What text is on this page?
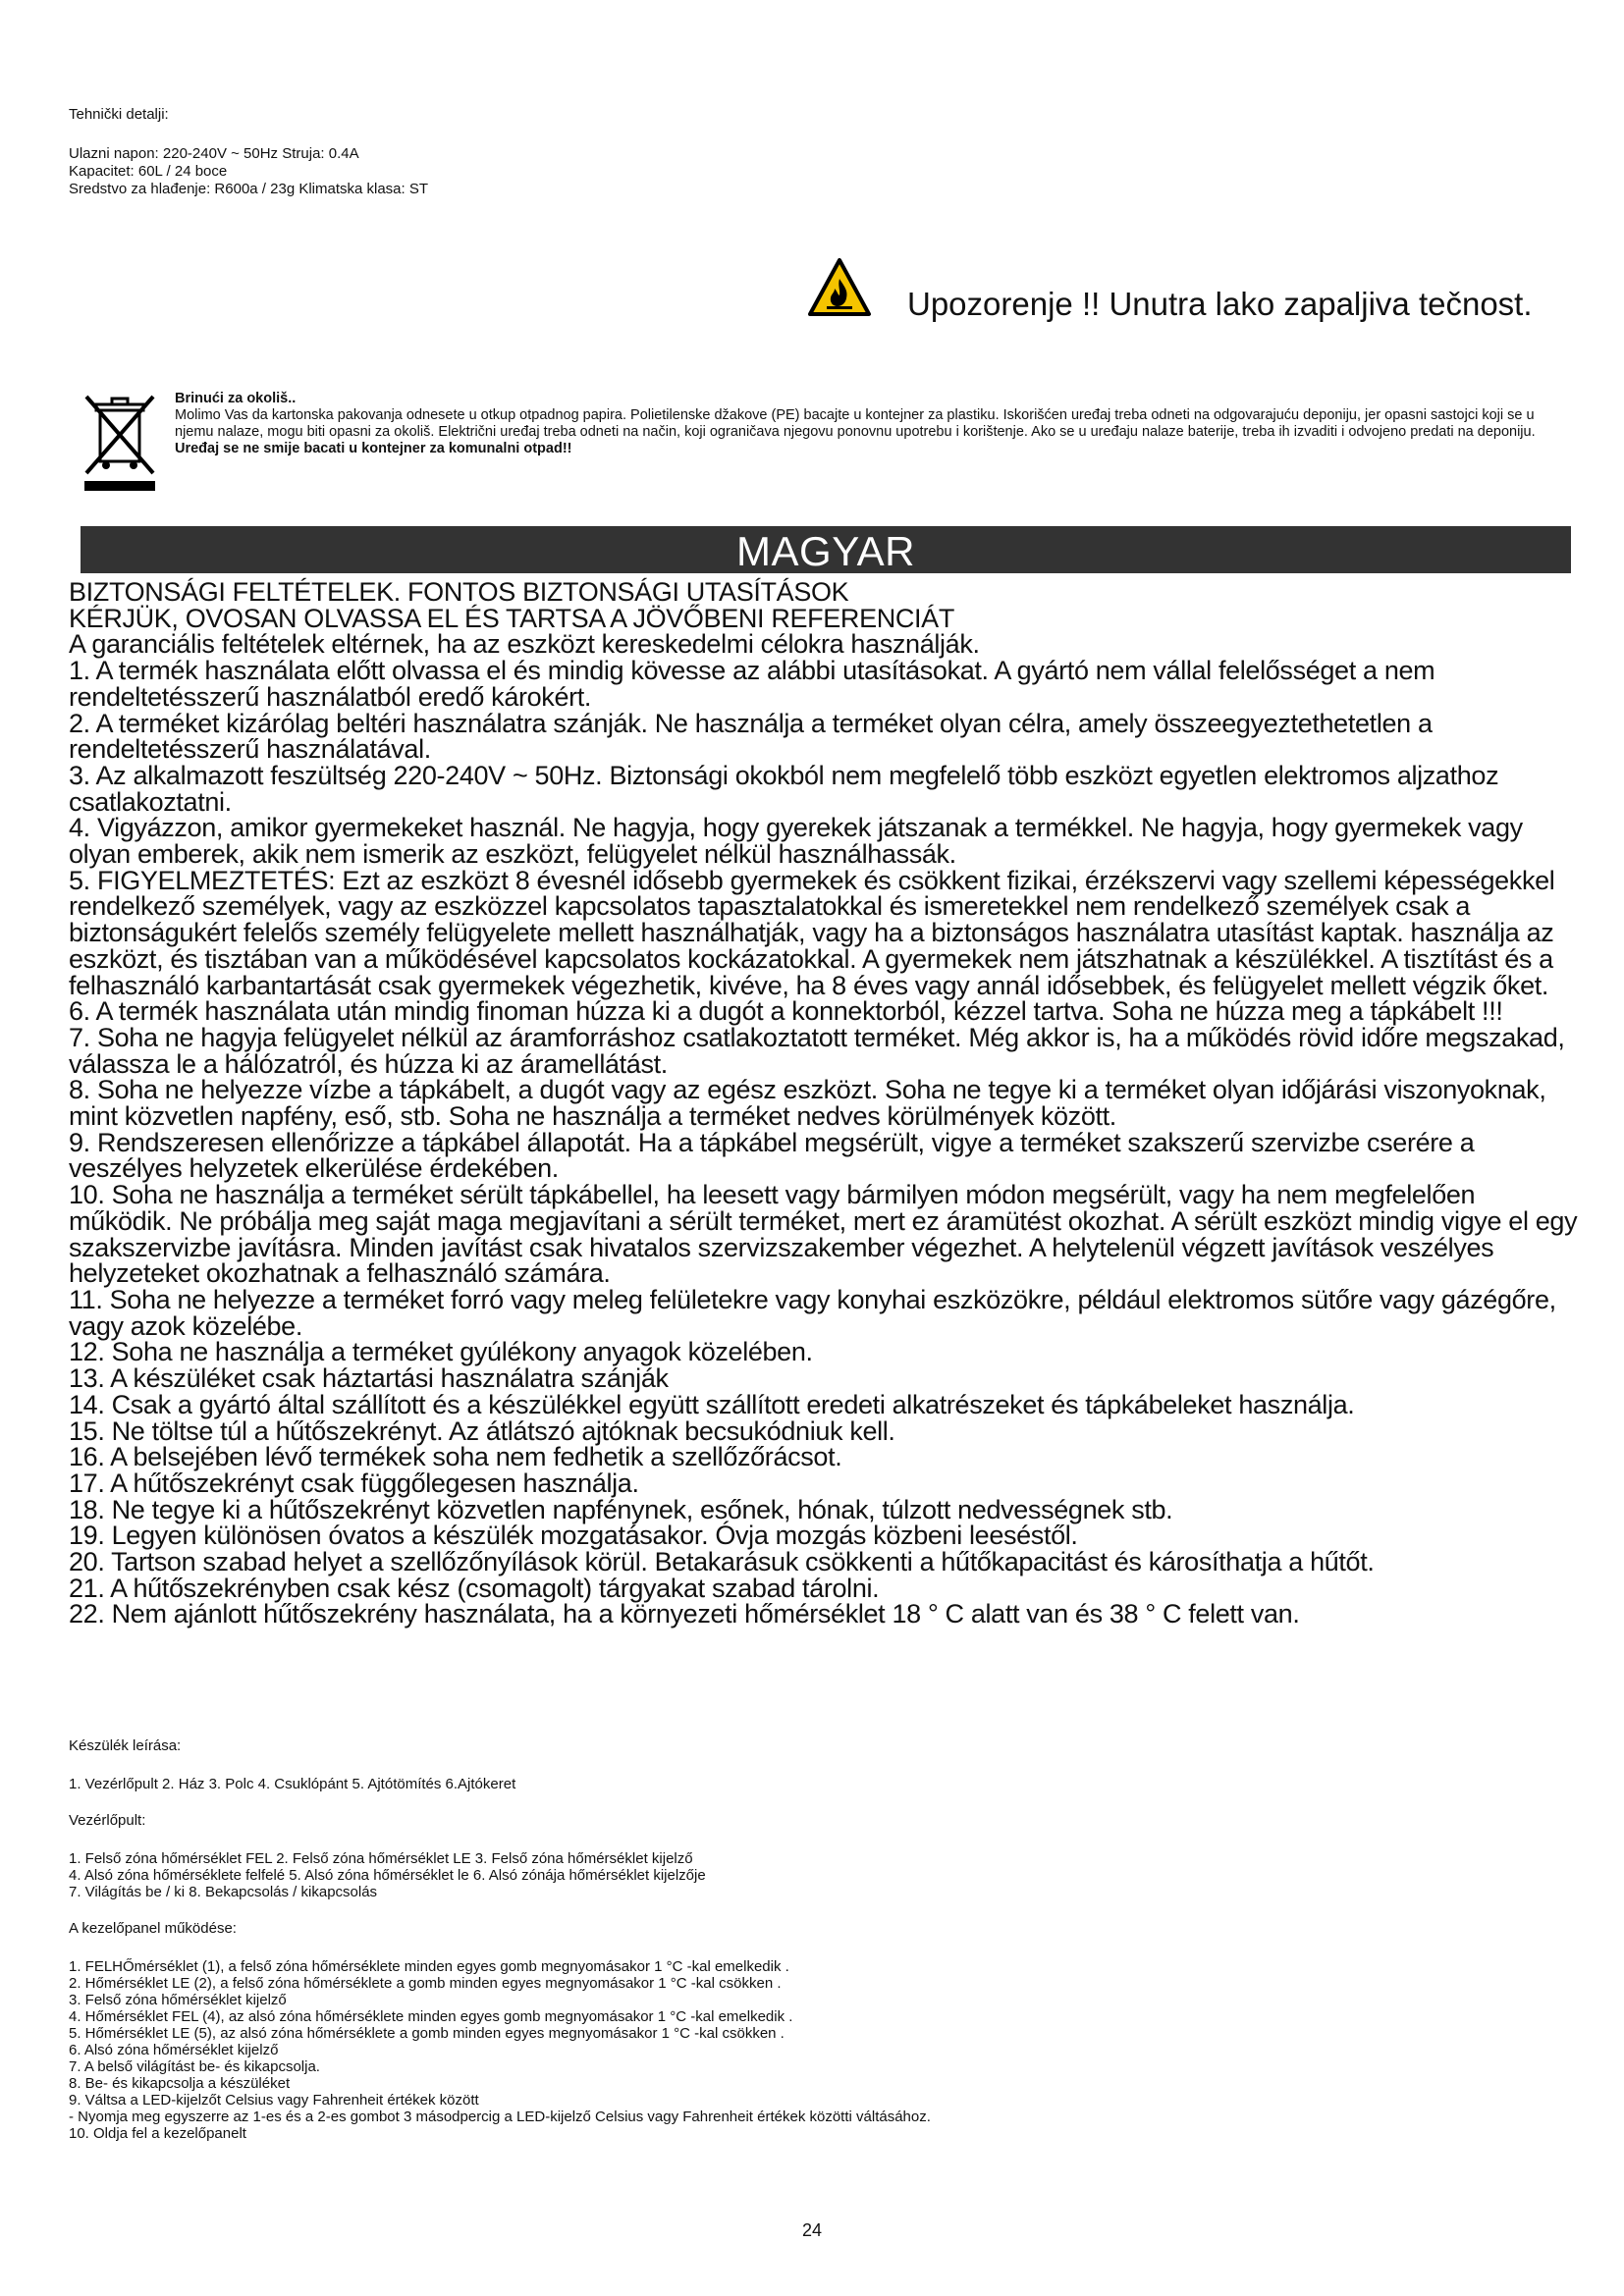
Tehnički detalji:

Ulazni napon: 220-240V ~ 50Hz Struja: 0.4A

Kapacitet: 60L / 24 boce

Sredstvo za hlađenje: R600a / 23g Klimatska klasa: ST

Upozorenje !! Unutra lako zapaljiva tečnost.
Brinući za okoliš..
Molimo Vas da kartonska pakovanja odnesete u otkup otpadnog papira. Polietilenske džakove (PE) bacajte u kontejner za plastiku. Iskorišćen uređaj treba odneti na odgovarajuću deponiju, jer opasni sastojci koji se u njemu nalaze, mogu biti opasni za okoliš. Električni uređaj treba odneti na način, koji ograničava njegovu ponovnu upotrebu i korištenje. Ako se u uređaju nalaze baterije, treba ih izvaditi i odvojeno predati na deponiju.
Uređaj se ne smije bacati u kontejner za komunalni otpad!!
MAGYAR

BIZTONSÁGI FELTÉTELEK. FONTOS BIZTONSÁGI UTASÍTÁSOK

KÉRJÜK, OVOSAN OLVASSA EL ÉS TARTSA A JÖVŐBENI REFERENCIÁT

A garanciális feltételek eltérnek, ha az eszközt kereskedelmi célokra használják.

1. A termék használata előtt olvassa el és mindig kövesse az alábbi utasításokat. A gyártó nem vállal felelősséget a nem rendeltetésszerű használatból eredő károkért.

2. A terméket kizárólag beltéri használatra szánják. Ne használja a terméket olyan célra, amely összeegyeztethetetlen a rendeltetésszerű használatával.

3. Az alkalmazott feszültség 220-240V ~ 50Hz. Biztonsági okokból nem megfelelő több eszközt egyetlen elektromos aljzathoz csatlakoztatni.

4. Vigyázzon, amikor gyermekeket használ. Ne hagyja, hogy gyerekek játszanak a termékkel. Ne hagyja, hogy gyermekek vagy olyan emberek, akik nem ismerik az eszközt, felügyelet nélkül használhassák.

5. FIGYELMEZTETÉS: Ezt az eszközt 8 évesnél idősebb gyermekek és csökkent fizikai, érzékszervi vagy szellemi képességekkel rendelkező személyek, vagy az eszközzel kapcsolatos tapasztalatokkal és ismeretekkel nem rendelkező személyek csak a biztonságukért felelős személy felügyelete mellett használhatják, vagy ha a biztonságos használatra utasítást kaptak. használja az eszközt, és tisztában van a működésével kapcsolatos kockázatokkal. A gyermekek nem játszhatnak a készülékkel. A tisztítást és a felhasználó karbantartását csak gyermekek végezhetik, kivéve, ha 8 éves vagy annál idősebbek, és felügyelet mellett végzik őket.

6. A termék használata után mindig finoman húzza ki a dugót a konnektorból, kézzel tartva. Soha ne húzza meg a tápkábelt !!!

7. Soha ne hagyja felügyelet nélkül az áramforráshoz csatlakoztatott terméket. Még akkor is, ha a működés rövid időre megszakad, válassza le a hálózatról, és húzza ki az áramellátást.

8. Soha ne helyezze vízbe a tápkábelt, a dugót vagy az egész eszközt. Soha ne tegye ki a terméket olyan időjárási viszonyoknak, mint közvetlen napfény, eső, stb. Soha ne használja a terméket nedves körülmények között.

9. Rendszeresen ellenőrizze a tápkábel állapotát. Ha a tápkábel megsérült, vigye a terméket szakszerű szervizbe cserére a veszélyes helyzetek elkerülése érdekében.

10. Soha ne használja a terméket sérült tápkábellel, ha leesett vagy bármilyen módon megsérült, vagy ha nem megfelelően működik. Ne próbálja meg saját maga megjavítani a sérült terméket, mert ez áramütést okozhat. A sérült eszközt mindig vigye el egy szakszervizbe javításra. Minden javítást csak hivatalos szervizszakember végezhet. A helytelenül végzett javítások veszélyes helyzeteket okozhatnak a felhasználó számára.

11. Soha ne helyezze a terméket forró vagy meleg felületekre vagy konyhai eszközökre, például elektromos sütőre vagy gázégőre, vagy azok közelébe.

12. Soha ne használja a terméket gyúlékony anyagok közelében.

13. A készüléket csak háztartási használatra szánják

14. Csak a gyártó által szállított és a készülékkel együtt szállított eredeti alkatrészeket és tápkábeleket használja.

15. Ne töltse túl a hűtőszekrényt. Az átlátszó ajtóknak becsukódniuk kell.

16. A belsejében lévő termékek soha nem fedhetik a szellőzőrácsot.

17. A hűtőszekrényt csak függőlegesen használja.

18. Ne tegye ki a hűtőszekrényt közvetlen napfénynek, esőnek, hónak, túlzott nedvességnek stb.

19. Legyen különösen óvatos a készülék mozgatásakor. Óvja mozgás közbeni leeséstől.

20. Tartson szabad helyet a szellőzőnyílások körül. Betakarásuk csökkenti a hűtőkapacitást és károsíthatja a hűtőt.

21. A hűtőszekrényben csak kész (csomagolt) tárgyakat szabad tárolni.

22. Nem ajánlott hűtőszekrény használata, ha a környezeti hőmérséklet 18 ° C alatt van és 38 ° C felett van.

Készülék leírása:

1. Vezérlőpult 2. Ház 3. Polc 4. Csuklópánt 5. Ajtótömítés 6.Ajtókeret

Vezérlőpult:

1. Felső zóna hőmérséklet FEL 2. Felső zóna hőmérséklet LE 3. Felső zóna hőmérséklet kijelző

4. Alsó zóna hőmérséklete felfelé 5. Alsó zóna hőmérséklet le 6. Alsó zónája hőmérséklet kijelzője

7. Világítás be / ki 8. Bekapcsolás / kikapcsolás

A kezelőpanel működése:

1. FELHŐmérséklet (1), a felső zóna hőmérséklete minden egyes gomb megnyomásakor 1 °C -kal emelkedik .

2. Hőmérséklet LE (2), a felső zóna hőmérséklete a gomb minden egyes megnyomásakor 1 °C -kal csökken .

3. Felső zóna hőmérséklet kijelző

4. Hőmérséklet FEL (4), az alsó zóna hőmérséklete minden egyes gomb megnyomásakor 1 °C -kal emelkedik .

5. Hőmérséklet LE (5), az alsó zóna hőmérséklete a gomb minden egyes megnyomásakor 1 °C -kal csökken .

6. Alsó zóna hőmérséklet kijelző

7. A belső világítást be- és kikapcsolja.

8. Be- és kikapcsolja a készüléket

9. Váltsa a LED-kijelzőt Celsius vagy Fahrenheit értékek között

- Nyomja meg egyszerre az 1-es és a 2-es gombot 3 másodpercig a LED-kijelző Celsius vagy Fahrenheit értékek közötti váltásához.

10. Oldja fel a kezelőpanelt

24
